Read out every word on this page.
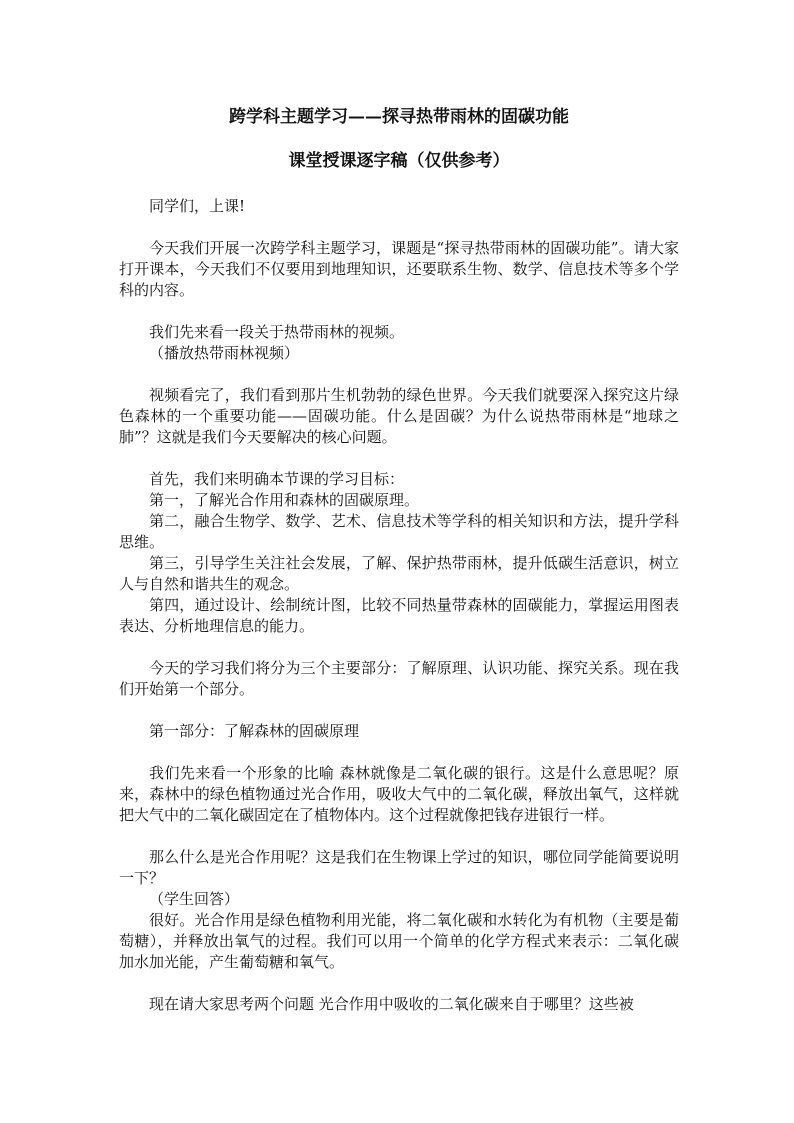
跨学科主题学习——探寻热带雨林的固碳功能
课堂授课逐字稿（仅供参考）

同学们，上课!

今天我们开展一次跨学科主题学习，课题是“探寻热带雨林的固碳功能”。请大家打开课本，今天我们不仅要用到地理知识，还要联系生物、数学、信息技术等多个学科的内容。

我们先来看一段关于热带雨林的视频。

（播放热带雨林视频）

视频看完了，我们看到那片生机勃勃的绿色世界。今天我们就要深入探究这片绿色森林的一个重要功能——固碳功能。什么是固碳？为什么说热带雨林是“地球之肺”？这就是我们今天要解决的核心问题。

首先，我们来明确本节课的学习目标：

第一，了解光合作用和森林的固碳原理。

第二，融合生物学、数学、艺术、信息技术等学科的相关知识和方法，提升学科思维。

第三，引导学生关注社会发展，了解、保护热带雨林，提升低碳生活意识，树立人与自然和谐共生的观念。

第四，通过设计、绘制统计图，比较不同热量带森林的固碳能力，掌握运用图表表达、分析地理信息的能力。

今天的学习我们将分为三个主要部分：了解原理、认识功能、探究关系。现在我们开始第一个部分。

第一部分：了解森林的固碳原理

我们先来看一个形象的比喻 森林就像是二氧化碳的银行。这是什么意思呢？原来，森林中的绿色植物通过光合作用，吸收大气中的二氧化碳，释放出氧气，这样就把大气中的二氧化碳固定在了植物体内。这个过程就像把钱存进银行一样。

那么什么是光合作用呢？这是我们在生物课上学过的知识，哪位同学能简要说明一下？

（学生回答）

很好。光合作用是绿色植物利用光能，将二氧化碳和水转化为有机物（主要是葡萄糖），并释放出氧气的过程。我们可以用一个简单的化学方程式来表示：二氧化碳加水加光能，产生葡萄糖和氧气。

现在请大家思考两个问题 光合作用中吸收的二氧化碳来自于哪里？这些被
